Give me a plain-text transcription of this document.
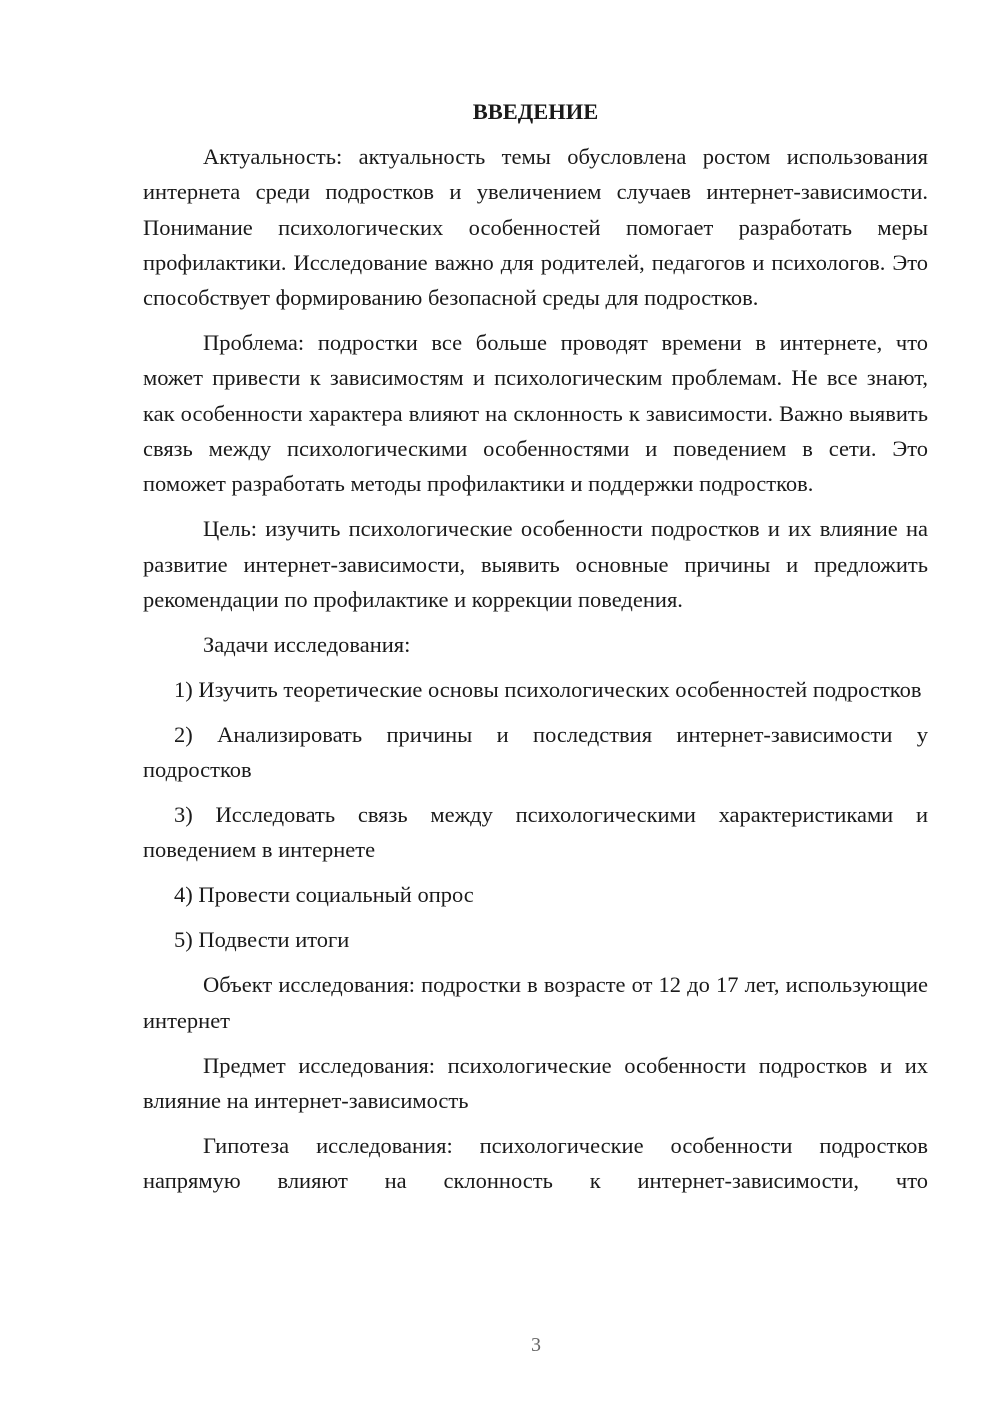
ВВЕДЕНИЕ

Актуальность: актуальность темы обусловлена ростом использования интернета среди подростков и увеличением случаев интернет-зависимости. Понимание психологических особенностей помогает разработать меры профилактики. Исследование важно для родителей, педагогов и психологов. Это способствует формированию безопасной среды для подростков.

Проблема: подростки все больше проводят времени в интернете, что может привести к зависимостям и психологическим проблемам. Не все знают, как особенности характера влияют на склонность к зависимости. Важно выявить связь между психологическими особенностями и поведением в сети. Это поможет разработать методы профилактики и поддержки подростков.

Цель: изучить психологические особенности подростков и их влияние на развитие интернет-зависимости, выявить основные причины и предложить рекомендации по профилактике и коррекции поведения.

Задачи исследования:

1) Изучить теоретические основы психологических особенностей подростков

2) Анализировать причины и последствия интернет-зависимости у подростков

3) Исследовать связь между психологическими характеристиками и поведением в интернете

4) Провести социальный опрос

5) Подвести итоги

Объект исследования: подростки в возрасте от 12 до 17 лет, использующие интернет

Предмет исследования: психологические особенности подростков и их влияние на интернет-зависимость

Гипотеза исследования: психологические особенности подростков напрямую влияют на склонность к интернет-зависимости, что

3
